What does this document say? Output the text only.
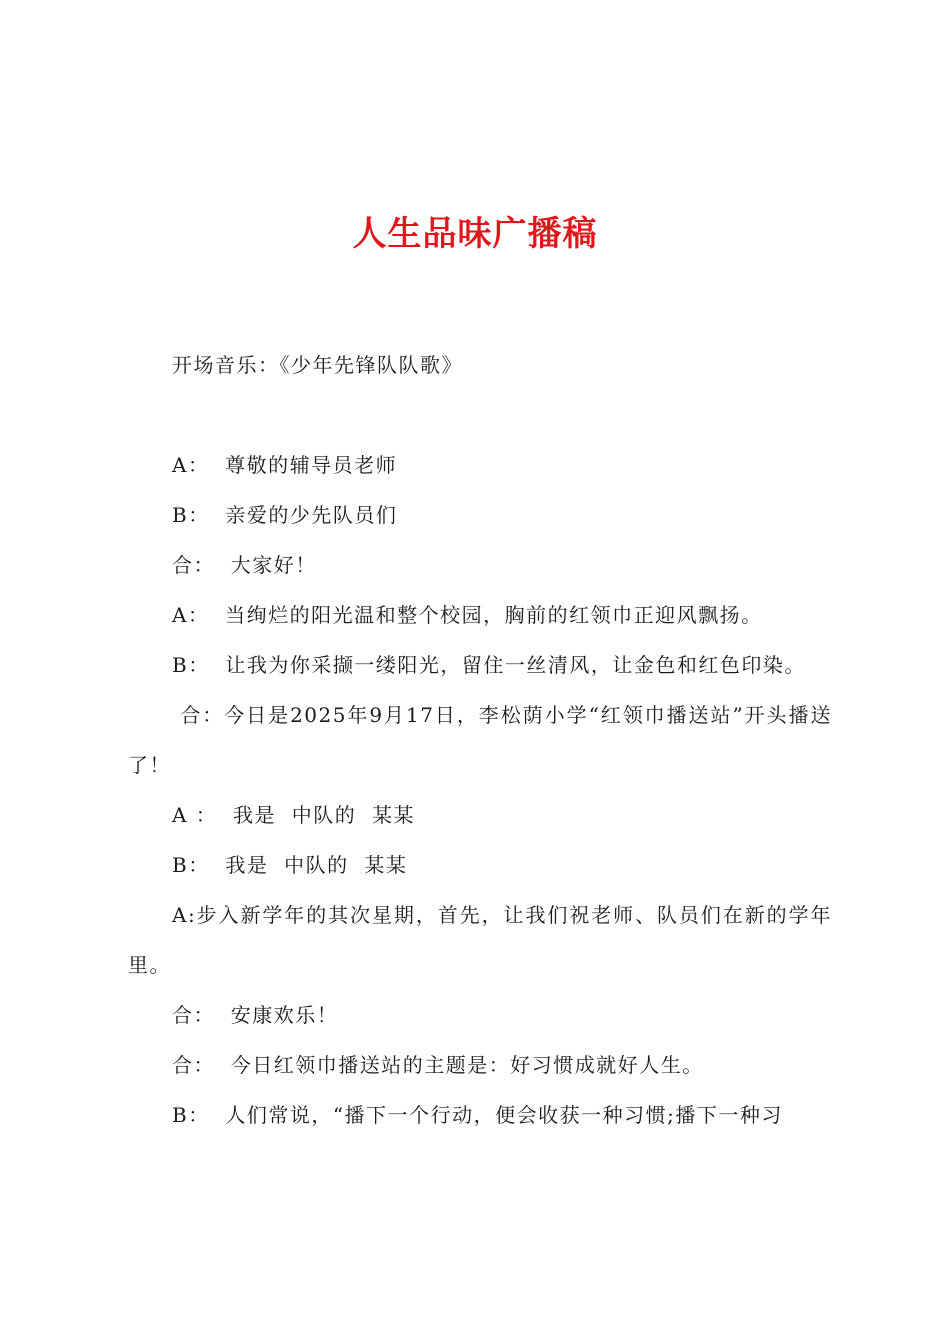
人生品味广播稿

开场音乐：《少年先锋队队歌》

A：  尊敬的辅导员老师

B：  亲爱的少先队员们

合：  大家好！

A：  当绚烂的阳光温和整个校园，胸前的红领巾正迎风飘扬。

B：  让我为你采撷一缕阳光，留住一丝清风，让金色和红色印染。

合：今日是2025年9月17日，李松荫小学“红领巾播送站”开头播送了！

A ：  我是  中队的  某某

B：  我是  中队的  某某

A:步入新学年的其次星期，首先，让我们祝老师、队员们在新的学年里。

合：  安康欢乐！

合：  今日红领巾播送站的主题是：好习惯成就好人生。

B：  人们常说，“播下一个行动，便会收获一种习惯;播下一种习
